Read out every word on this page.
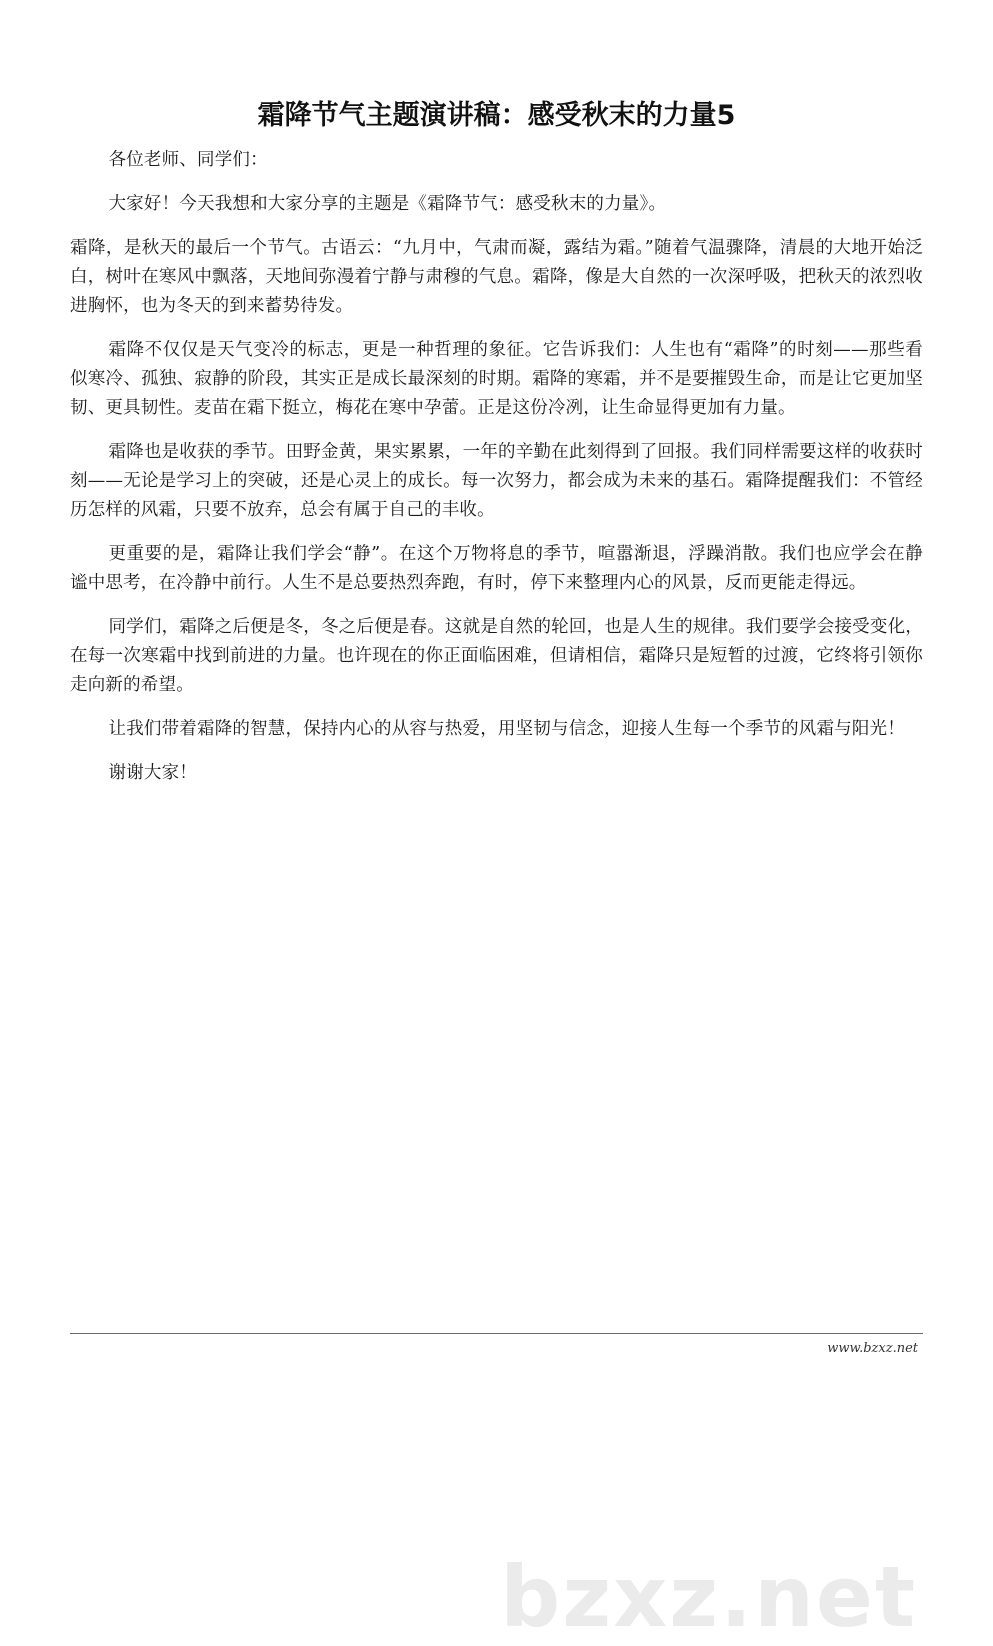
霜降节气主题演讲稿：感受秋末的力量5

各位老师、同学们：

大家好！今天我想和大家分享的主题是《霜降节气：感受秋末的力量》。

霜降，是秋天的最后一个节气。古语云：“九月中，气肃而凝，露结为霜。”随着气温骤降，清晨的大地开始泛白，树叶在寒风中飘落，天地间弥漫着宁静与肃穆的气息。霜降，像是大自然的一次深呼吸，把秋天的浓烈收进胸怀，也为冬天的到来蓄势待发。

霜降不仅仅是天气变冷的标志，更是一种哲理的象征。它告诉我们：人生也有“霜降”的时刻——那些看似寒冷、孤独、寂静的阶段，其实正是成长最深刻的时期。霜降的寒霜，并不是要摧毁生命，而是让它更加坚韧、更具韧性。麦苗在霜下挺立，梅花在寒中孕蕾。正是这份冷冽，让生命显得更加有力量。

霜降也是收获的季节。田野金黄，果实累累，一年的辛勤在此刻得到了回报。我们同样需要这样的收获时刻——无论是学习上的突破，还是心灵上的成长。每一次努力，都会成为未来的基石。霜降提醒我们：不管经历怎样的风霜，只要不放弃，总会有属于自己的丰收。

更重要的是，霜降让我们学会“静”。在这个万物将息的季节，喧嚣渐退，浮躁消散。我们也应学会在静谧中思考，在冷静中前行。人生不是总要热烈奔跑，有时，停下来整理内心的风景，反而更能走得远。

同学们，霜降之后便是冬，冬之后便是春。这就是自然的轮回，也是人生的规律。我们要学会接受变化，在每一次寒霜中找到前进的力量。也许现在的你正面临困难，但请相信，霜降只是短暂的过渡，它终将引领你走向新的希望。

让我们带着霜降的智慧，保持内心的从容与热爱，用坚韧与信念，迎接人生每一个季节的风霜与阳光！

谢谢大家！

bzxz.net
www.bzxz.net
